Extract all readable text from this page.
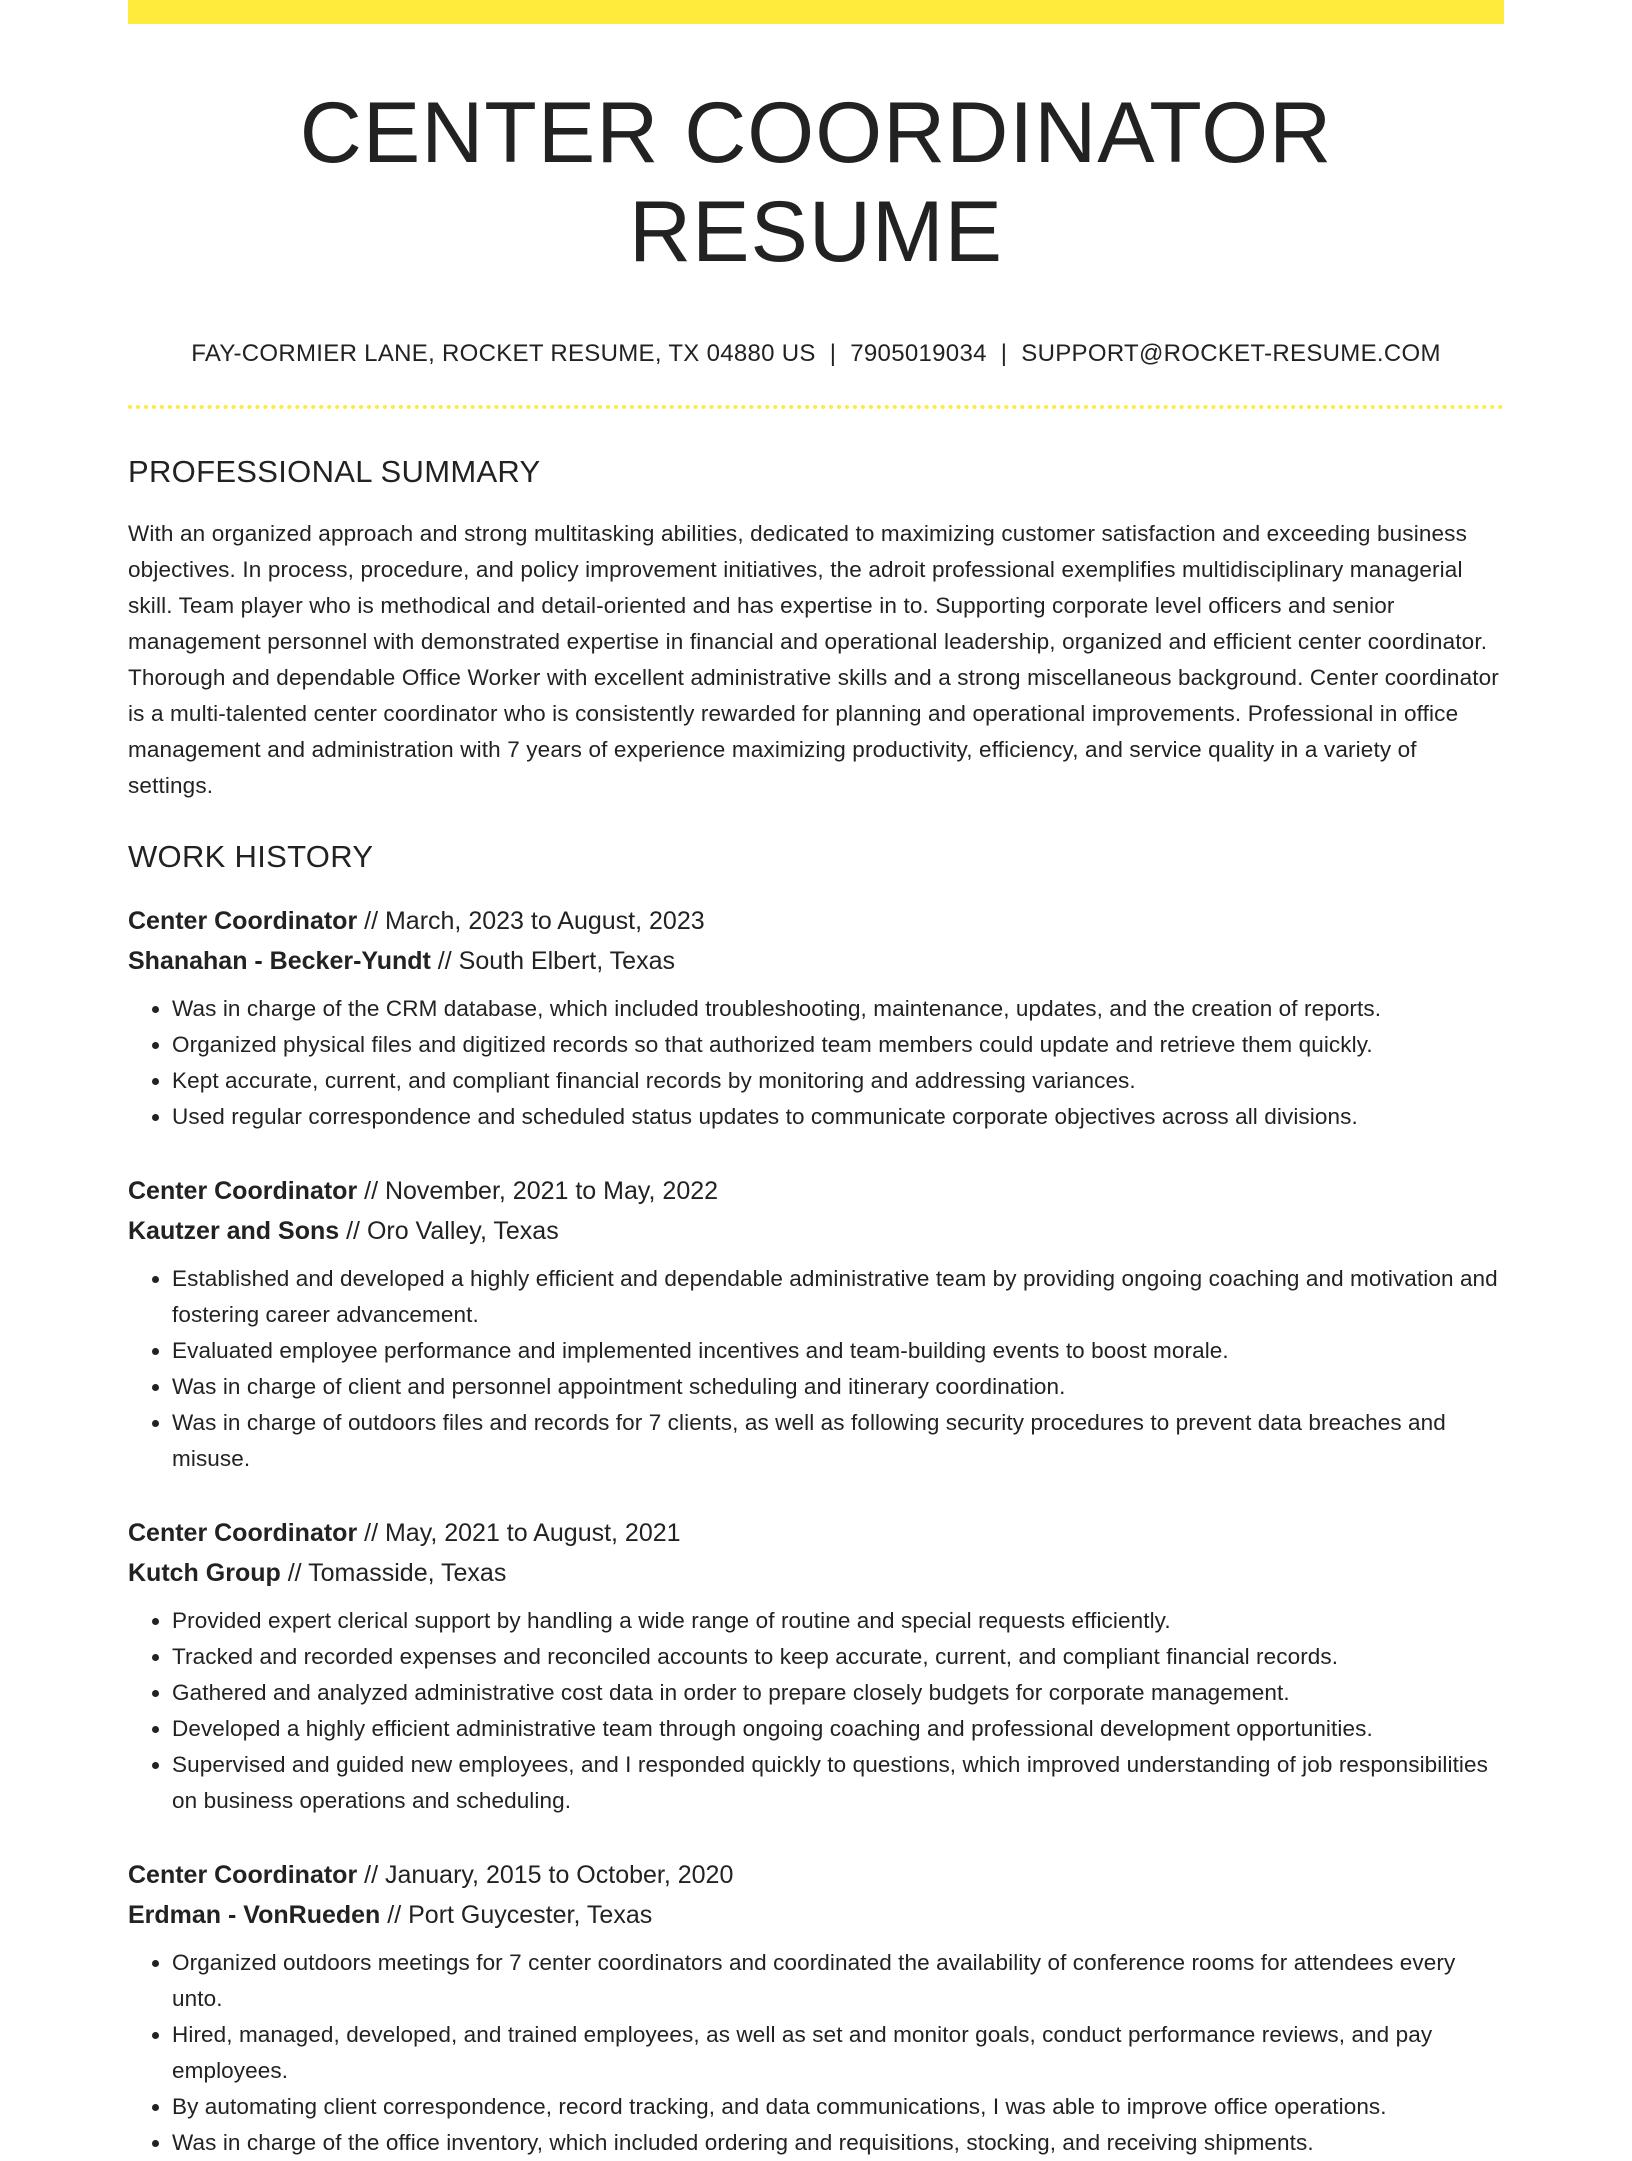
CENTER COORDINATOR RESUME
FAY-CORMIER LANE, ROCKET RESUME, TX 04880 US | 7905019034 | SUPPORT@ROCKET-RESUME.COM
PROFESSIONAL SUMMARY

With an organized approach and strong multitasking abilities, dedicated to maximizing customer satisfaction and exceeding business objectives. In process, procedure, and policy improvement initiatives, the adroit professional exemplifies multidisciplinary managerial skill. Team player who is methodical and detail-oriented and has expertise in to. Supporting corporate level officers and senior management personnel with demonstrated expertise in financial and operational leadership, organized and efficient center coordinator. Thorough and dependable Office Worker with excellent administrative skills and a strong miscellaneous background. Center coordinator is a multi-talented center coordinator who is consistently rewarded for planning and operational improvements. Professional in office management and administration with 7 years of experience maximizing productivity, efficiency, and service quality in a variety of settings.

WORK HISTORY
Center Coordinator // March, 2023 to August, 2023
Shanahan - Becker-Yundt // South Elbert, Texas
• Was in charge of the CRM database, which included troubleshooting, maintenance, updates, and the creation of reports.
• Organized physical files and digitized records so that authorized team members could update and retrieve them quickly.
• Kept accurate, current, and compliant financial records by monitoring and addressing variances.
• Used regular correspondence and scheduled status updates to communicate corporate objectives across all divisions.
Center Coordinator // November, 2021 to May, 2022
Kautzer and Sons // Oro Valley, Texas
• Established and developed a highly efficient and dependable administrative team by providing ongoing coaching and motivation and fostering career advancement.
• Evaluated employee performance and implemented incentives and team-building events to boost morale.
• Was in charge of client and personnel appointment scheduling and itinerary coordination.
• Was in charge of outdoors files and records for 7 clients, as well as following security procedures to prevent data breaches and misuse.
Center Coordinator // May, 2021 to August, 2021
Kutch Group // Tomasside, Texas
• Provided expert clerical support by handling a wide range of routine and special requests efficiently.
• Tracked and recorded expenses and reconciled accounts to keep accurate, current, and compliant financial records.
• Gathered and analyzed administrative cost data in order to prepare closely budgets for corporate management.
• Developed a highly efficient administrative team through ongoing coaching and professional development opportunities.
• Supervised and guided new employees, and I responded quickly to questions, which improved understanding of job responsibilities on business operations and scheduling.
Center Coordinator // January, 2015 to October, 2020
Erdman - VonRueden // Port Guycester, Texas
• Organized outdoors meetings for 7 center coordinators and coordinated the availability of conference rooms for attendees every unto.
• Hired, managed, developed, and trained employees, as well as set and monitor goals, conduct performance reviews, and pay employees.
• By automating client correspondence, record tracking, and data communications, I was able to improve office operations.
• Was in charge of the office inventory, which included ordering and requisitions, stocking, and receiving shipments.
